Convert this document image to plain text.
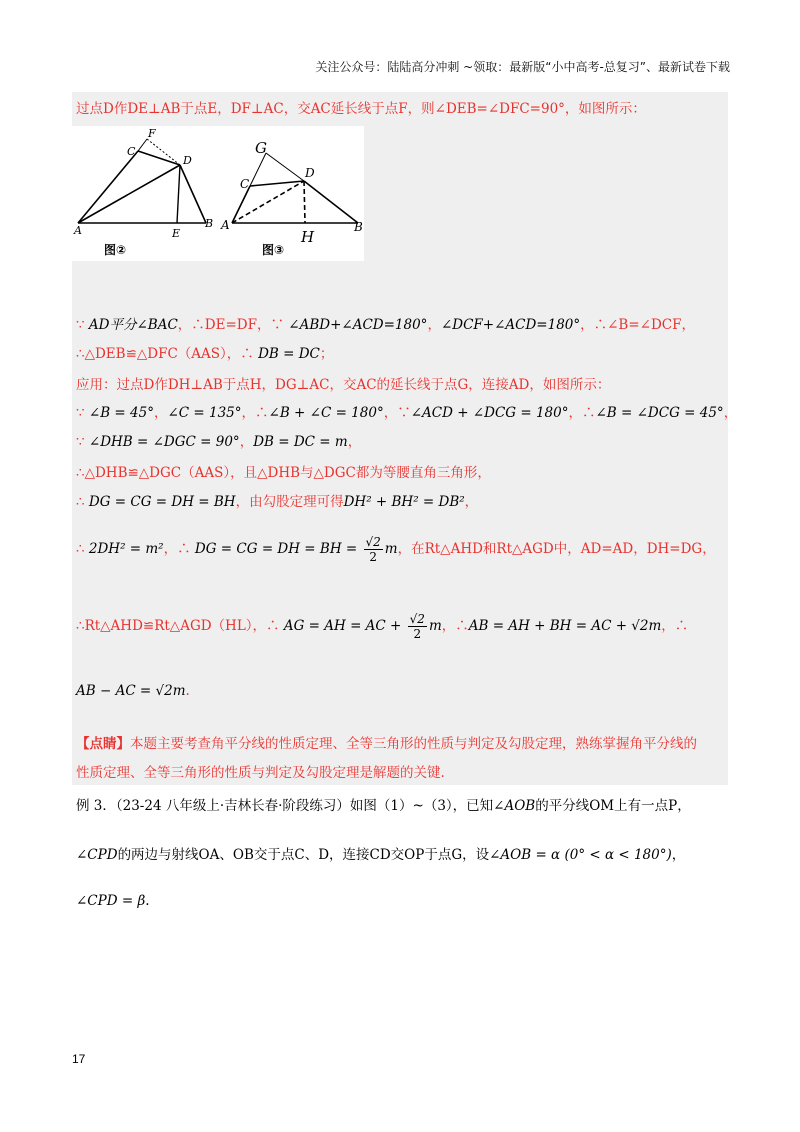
关注公众号：陆陆高分冲刺 ~领取：最新版“小中高考-总复习”、最新试卷下载
过点D作DE⊥AB于点E，DF⊥AC，交AC延长线于点F，则∠DEB=∠DFC=90°，如图所示：
F
C
D
A	E
B
图②
G
C
D
A
H
B
图③
∵ AD平分∠BAC，∴DE=DF，∵ ∠ABD+∠ACD=180°，∠DCF+∠ACD=180°，∴∠B=∠DCF，
∴△DEB≌△DFC（AAS），∴ DB = DC；
应用：过点D作DH⊥AB于点H，DG⊥AC，交AC的延长线于点G，连接AD，如图所示：
∵ ∠B = 45°，∠C = 135°，∴∠B + ∠C = 180°，∵∠ACD + ∠DCG = 180°，∴∠B = ∠DCG = 45°，
∵ ∠DHB = ∠DGC = 90°，DB = DC = m，
∴△DHB≌△DGC（AAS），且△DHB与△DGC都为等腰直角三角形，
∴ DG = CG = DH = BH，由勾股定理可得DH² + BH² = DB²，
∴ 2DH² = m²，∴ DG = CG = DH = BH = $\frac{√2}{2}$ m，在Rt△AHD和Rt△AGD中，AD=AD，DH=DG，
∴Rt△AHD≌Rt△AGD（HL），∴ AG = AH = AC + $\frac{√2}{2}$ m，∴AB = AH + BH = AC + √2m，∴
AB − AC = √2m.
【点睛】本题主要考查角平分线的性质定理、全等三角形的性质与判定及勾股定理，熟练掌握角平分线的
性质定理、全等三角形的性质与判定及勾股定理是解题的关键.
例 3．（23-24 八年级上·吉林长春·阶段练习）如图（1）~（3），已知∠AOB的平分线OM上有一点P，
∠CPD的两边与射线OA、OB交于点C、D，连接CD交OP于点G，设∠AOB = α (0° < α < 180°)，
∠CPD = β.
17
